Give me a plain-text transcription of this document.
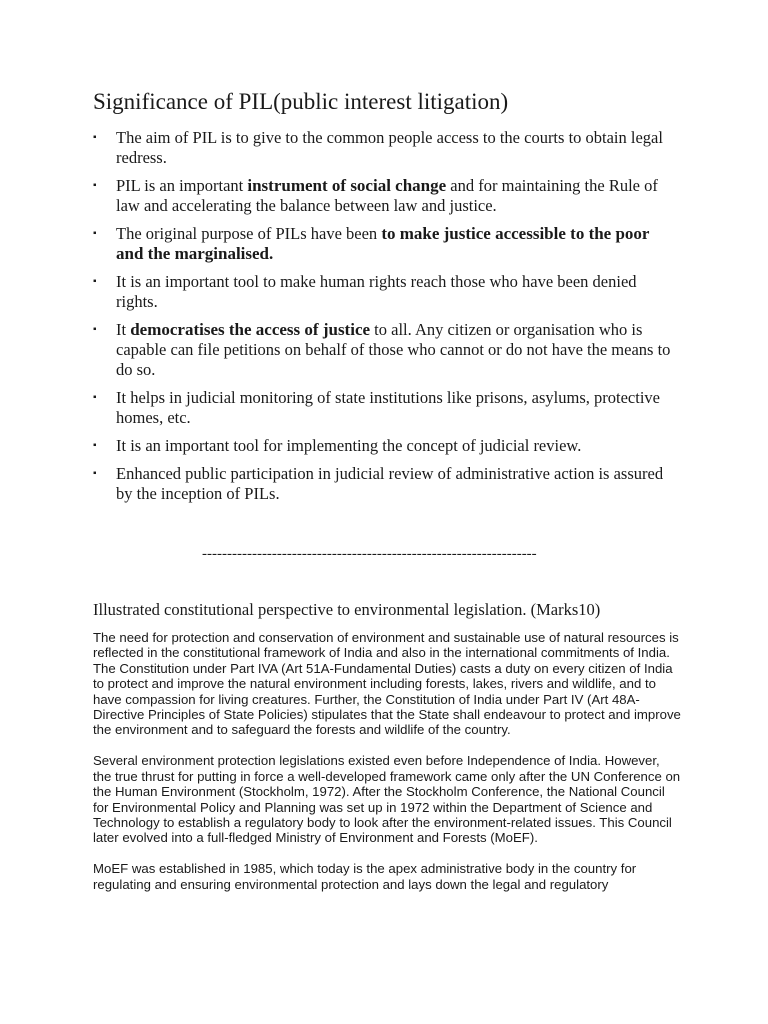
Significance of PIL(public interest litigation)
▪ The aim of PIL is to give to the common people access to the courts to obtain legal redress.
▪ PIL is an important instrument of social change and for maintaining the Rule of law and accelerating the balance between law and justice.
▪ The original purpose of PILs have been to make justice accessible to the poor and the marginalised.
▪ It is an important tool to make human rights reach those who have been denied rights.
▪ It democratises the access of justice to all. Any citizen or organisation who is capable can file petitions on behalf of those who cannot or do not have the means to do so.
▪ It helps in judicial monitoring of state institutions like prisons, asylums, protective homes, etc.
▪ It is an important tool for implementing the concept of judicial review.
▪ Enhanced public participation in judicial review of administrative action is assured by the inception of PILs.

-------------------------------------------------------------------

Illustrated constitutional perspective to environmental legislation. (Marks10)

The need for protection and conservation of environment and sustainable use of natural resources is reflected in the constitutional framework of India and also in the international commitments of India. The Constitution under Part IVA (Art 51A-Fundamental Duties) casts a duty on every citizen of India to protect and improve the natural environment including forests, lakes, rivers and wildlife, and to have compassion for living creatures. Further, the Constitution of India under Part IV (Art 48A-Directive Principles of State Policies) stipulates that the State shall endeavour to protect and improve the environment and to safeguard the forests and wildlife of the country.

Several environment protection legislations existed even before Independence of India. However, the true thrust for putting in force a well-developed framework came only after the UN Conference on the Human Environment (Stockholm, 1972). After the Stockholm Conference, the National Council for Environmental Policy and Planning was set up in 1972 within the Department of Science and Technology to establish a regulatory body to look after the environment-related issues. This Council later evolved into a full-fledged Ministry of Environment and Forests (MoEF).

MoEF was established in 1985, which today is the apex administrative body in the country for regulating and ensuring environmental protection and lays down the legal and regulatory
